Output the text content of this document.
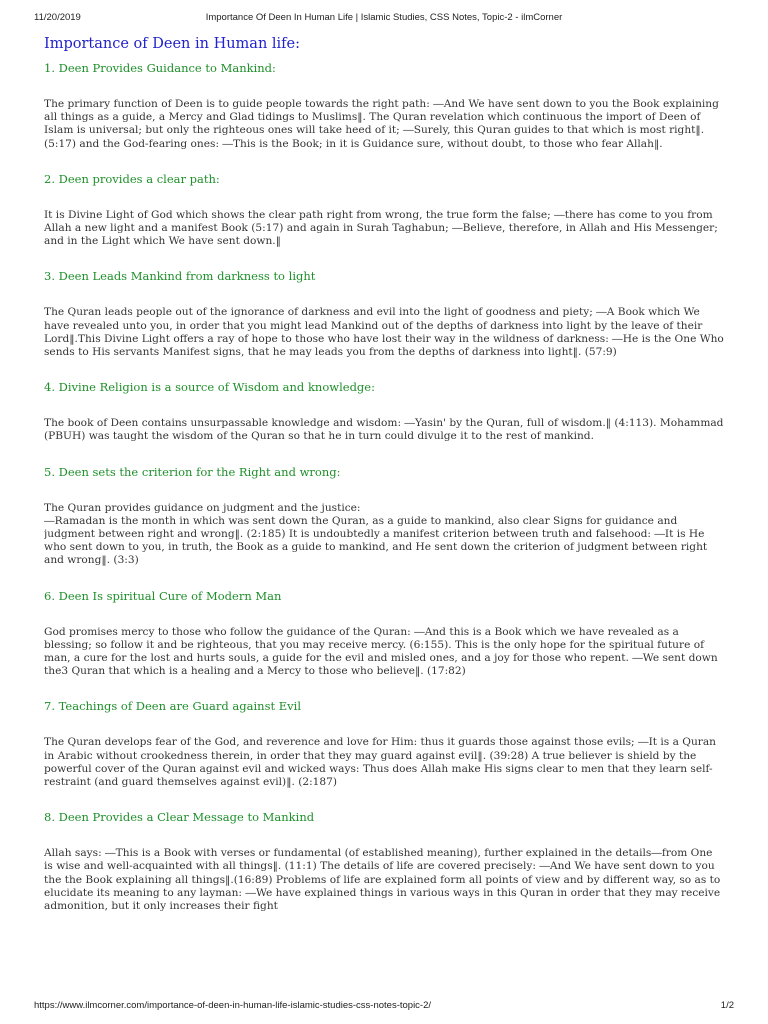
11/20/2019	Importance Of Deen In Human Life | Islamic Studies, CSS Notes, Topic-2 - ilmCorner
Importance of Deen in Human life:
1. Deen Provides Guidance to Mankind:

The primary function of Deen is to guide people towards the right path: ―And We have sent down to you the Book explaining all things as a guide, a Mercy and Glad tidings to Muslims‖. The Quran revelation which continuous the import of Deen of Islam is universal; but only the righteous ones will take heed of it; ―Surely, this Quran guides to that which is most right‖. (5:17) and the God-fearing ones: ―This is the Book; in it is Guidance sure, without doubt, to those who fear Allah‖.

2. Deen provides a clear path:

It is Divine Light of God which shows the clear path right from wrong, the true form the false; ―there has come to you from Allah a new light and a manifest Book (5:17) and again in Surah Taghabun; ―Believe, therefore, in Allah and His Messenger; and in the Light which We have sent down.‖

3. Deen Leads Mankind from darkness to light

The Quran leads people out of the ignorance of darkness and evil into the light of goodness and piety; ―A Book which We have revealed unto you, in order that you might lead Mankind out of the depths of darkness into light by the leave of their Lord‖.This Divine Light offers a ray of hope to those who have lost their way in the wildness of darkness: ―He is the One Who sends to His servants Manifest signs, that he may leads you from the depths of darkness into light‖. (57:9)

4. Divine Religion is a source of Wisdom and knowledge:

The book of Deen contains unsurpassable knowledge and wisdom: ―Yasin' by the Quran, full of wisdom.‖ (4:113). Mohammad (PBUH) was taught the wisdom of the Quran so that he in turn could divulge it to the rest of mankind.

5. Deen sets the criterion for the Right and wrong:

The Quran provides guidance on judgment and the justice:
―Ramadan is the month in which was sent down the Quran, as a guide to mankind, also clear Signs for guidance and judgment between right and wrong‖. (2:185) It is undoubtedly a manifest criterion between truth and falsehood: ―It is He who sent down to you, in truth, the Book as a guide to mankind, and He sent down the criterion of judgment between right and wrong‖. (3:3)

6. Deen Is spiritual Cure of Modern Man

God promises mercy to those who follow the guidance of the Quran: ―And this is a Book which we have revealed as a blessing; so follow it and be righteous, that you may receive mercy. (6:155). This is the only hope for the spiritual future of man, a cure for the lost and hurts souls, a guide for the evil and misled ones, and a joy for those who repent. ―We sent down the3 Quran that which is a healing and a Mercy to those who believe‖. (17:82)

7. Teachings of Deen are Guard against Evil

The Quran develops fear of the God, and reverence and love for Him: thus it guards those against those evils; ―It is a Quran in Arabic without crookedness therein, in order that they may guard against evil‖. (39:28) A true believer is shield by the powerful cover of the Quran against evil and wicked ways: Thus does Allah make His signs clear to men that they learn self-restraint (and guard themselves against evil)‖. (2:187)

8. Deen Provides a Clear Message to Mankind

Allah says: ―This is a Book with verses or fundamental (of established meaning), further explained in the details―from One is wise and well-acquainted with all things‖. (11:1) The details of life are covered precisely: ―And We have sent down to you the the Book explaining all things‖.(16:89) Problems of life are explained form all points of view and by different way, so as to elucidate its meaning to any layman: ―We have explained things in various ways in this Quran in order that they may receive admonition, but it only increases their fight

https://www.ilmcorner.com/importance-of-deen-in-human-life-islamic-studies-css-notes-topic-2/	1/2
